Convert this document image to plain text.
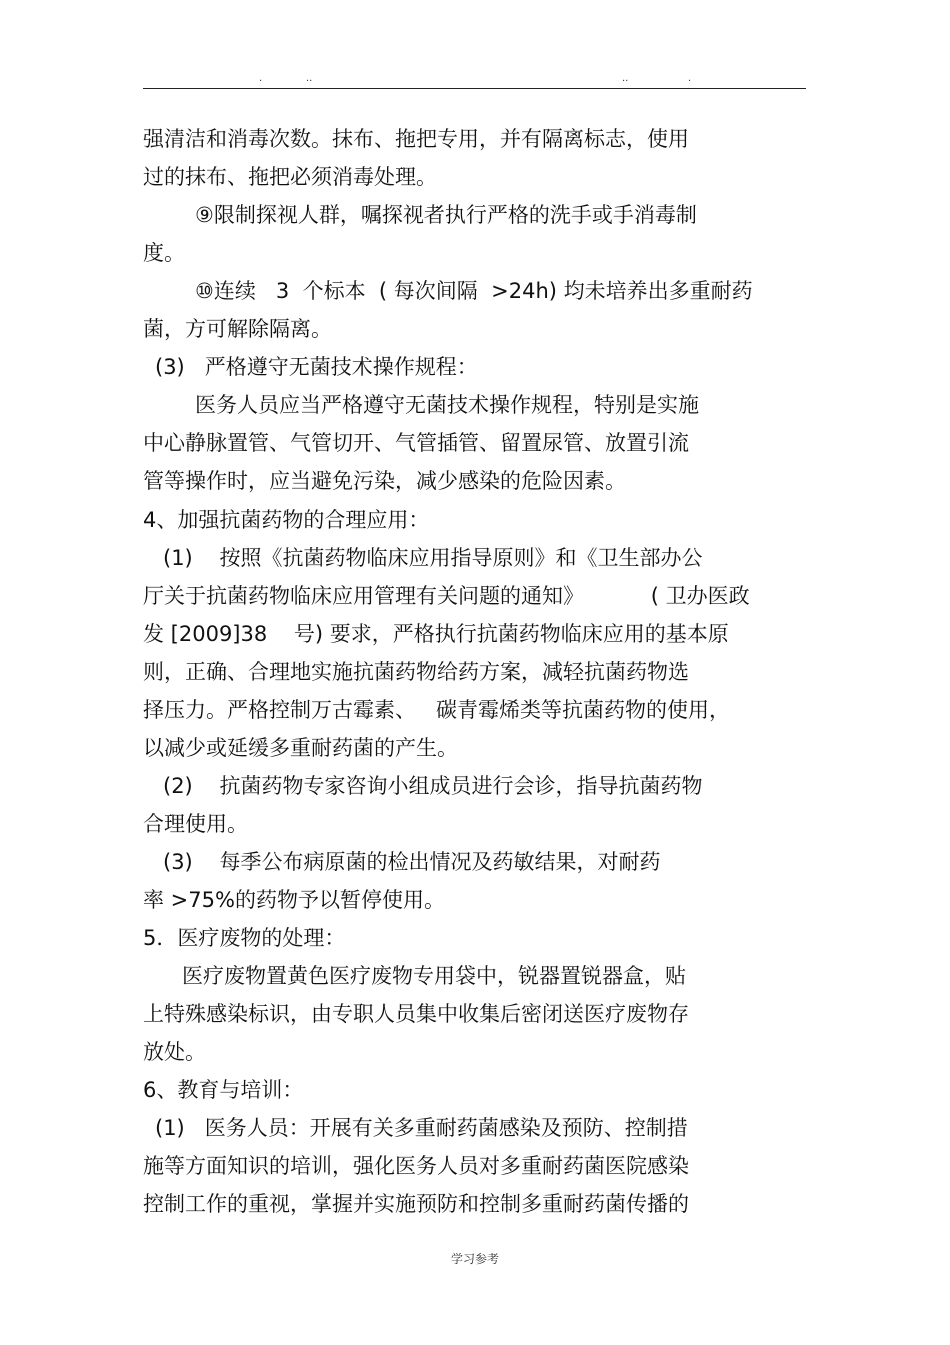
.	..	..	.
强清洁和消毒次数。抹布、拖把专用，并有隔离标志，使用
过的抹布、拖把必须消毒处理。
⑨限制探视人群，嘱探视者执行严格的洗手或手消毒制
度。
⑩连续   3  个标本  ( 每次间隔  >24h) 均未培养出多重耐药
菌，方可解除隔离。
(3)   严格遵守无菌技术操作规程：
医务人员应当严格遵守无菌技术操作规程，特别是实施
中心静脉置管、气管切开、气管插管、留置尿管、放置引流
管等操作时，应当避免污染，减少感染的危险因素。
4、加强抗菌药物的合理应用：
(1)    按照《抗菌药物临床应用指导原则》和《卫生部办公
厅关于抗菌药物临床应用管理有关问题的通知》          ( 卫办医政
发 [2009]38    号) 要求，严格执行抗菌药物临床应用的基本原
则，正确、合理地实施抗菌药物给药方案，减轻抗菌药物选
择压力。严格控制万古霉素、   碳青霉烯类等抗菌药物的使用，
以减少或延缓多重耐药菌的产生。
(2)    抗菌药物专家咨询小组成员进行会诊，指导抗菌药物
合理使用。
(3)    每季公布病原菌的检出情况及药敏结果，对耐药
率 >75%的药物予以暂停使用。
5．医疗废物的处理：
医疗废物置黄色医疗废物专用袋中，锐器置锐器盒，贴
上特殊感染标识，由专职人员集中收集后密闭送医疗废物存
放处。
6、教育与培训：
(1)   医务人员：开展有关多重耐药菌感染及预防、控制措
施等方面知识的培训，强化医务人员对多重耐药菌医院感染
控制工作的重视，掌握并实施预防和控制多重耐药菌传播的
学习参考
